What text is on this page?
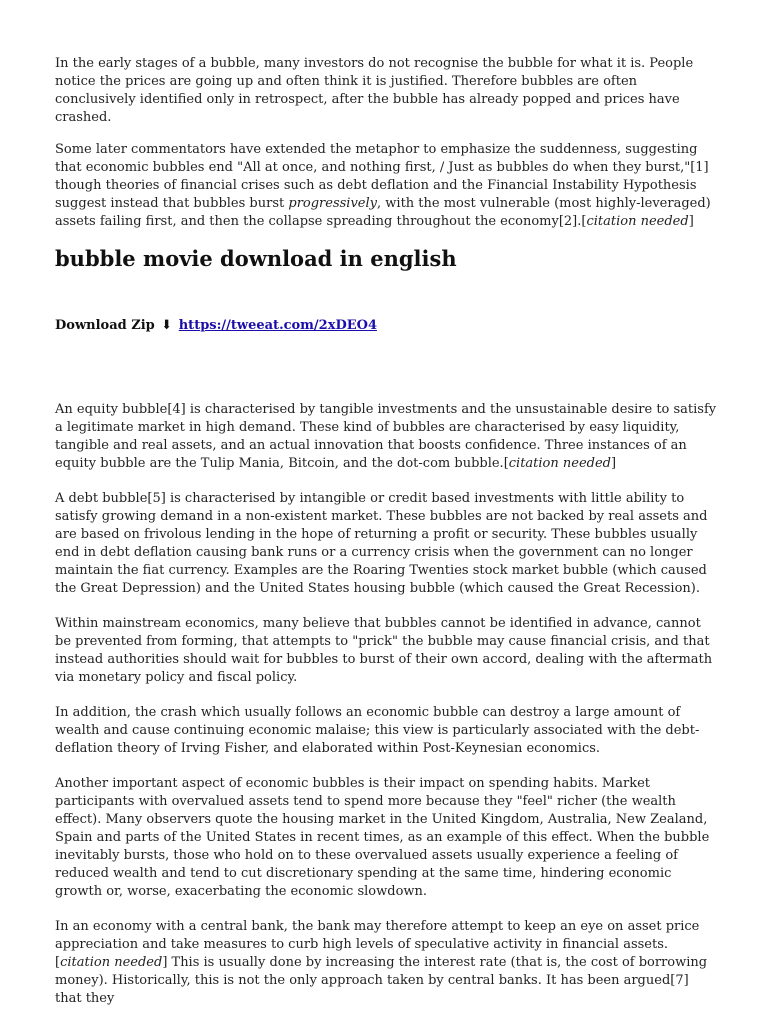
In the early stages of a bubble, many investors do not recognise the bubble for what it is. People notice the prices are going up and often think it is justified. Therefore bubbles are often conclusively identified only in retrospect, after the bubble has already popped and prices have crashed.

Some later commentators have extended the metaphor to emphasize the suddenness, suggesting that economic bubbles end "All at once, and nothing first, / Just as bubbles do when they burst,"[1] though theories of financial crises such as debt deflation and the Financial Instability Hypothesis suggest instead that bubbles burst progressively, with the most vulnerable (most highly-leveraged) assets failing first, and then the collapse spreading throughout the economy[2].[citation needed]

bubble movie download in english
Download Zip ⬇ https://tweeat.com/2xDEO4

An equity bubble[4] is characterised by tangible investments and the unsustainable desire to satisfy a legitimate market in high demand. These kind of bubbles are characterised by easy liquidity, tangible and real assets, and an actual innovation that boosts confidence. Three instances of an equity bubble are the Tulip Mania, Bitcoin, and the dot-com bubble.[citation needed]

A debt bubble[5] is characterised by intangible or credit based investments with little ability to satisfy growing demand in a non-existent market. These bubbles are not backed by real assets and are based on frivolous lending in the hope of returning a profit or security. These bubbles usually end in debt deflation causing bank runs or a currency crisis when the government can no longer maintain the fiat currency. Examples are the Roaring Twenties stock market bubble (which caused the Great Depression) and the United States housing bubble (which caused the Great Recession).

Within mainstream economics, many believe that bubbles cannot be identified in advance, cannot be prevented from forming, that attempts to "prick" the bubble may cause financial crisis, and that instead authorities should wait for bubbles to burst of their own accord, dealing with the aftermath via monetary policy and fiscal policy.

In addition, the crash which usually follows an economic bubble can destroy a large amount of wealth and cause continuing economic malaise; this view is particularly associated with the debt-deflation theory of Irving Fisher, and elaborated within Post-Keynesian economics.

Another important aspect of economic bubbles is their impact on spending habits. Market participants with overvalued assets tend to spend more because they "feel" richer (the wealth effect). Many observers quote the housing market in the United Kingdom, Australia, New Zealand, Spain and parts of the United States in recent times, as an example of this effect. When the bubble inevitably bursts, those who hold on to these overvalued assets usually experience a feeling of reduced wealth and tend to cut discretionary spending at the same time, hindering economic growth or, worse, exacerbating the economic slowdown.

In an economy with a central bank, the bank may therefore attempt to keep an eye on asset price appreciation and take measures to curb high levels of speculative activity in financial assets.[citation needed] This is usually done by increasing the interest rate (that is, the cost of borrowing money). Historically, this is not the only approach taken by central banks. It has been argued[7] that they
